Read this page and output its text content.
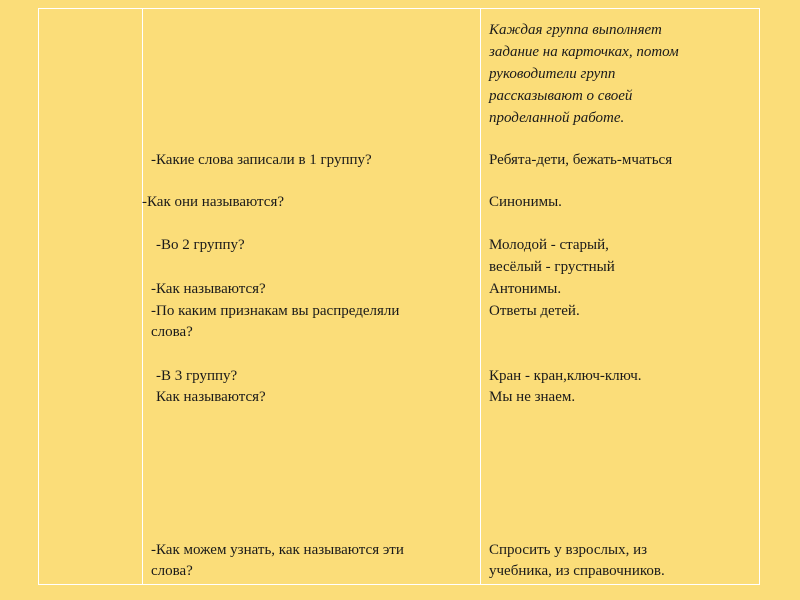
-Какие слова записали в 1 группу?
-Как они называются?
-Во 2 группу?
-Как называются?
-По каким признакам вы распределяли
слова?
-В 3 группу?
Как называются?
-Как можем узнать, как называются эти
слова?
Каждая группа выполняет
задание на карточках, потом
руководители групп
рассказывают о своей
проделанной работе.
Ребята-дети, бежать-мчаться
Синонимы.
Молодой - старый,
весёлый - грустный
Антонимы.
Ответы детей.
Кран - кран,ключ-ключ.
Мы не знаем.
Спросить у взрослых, из
учебника, из справочников.
